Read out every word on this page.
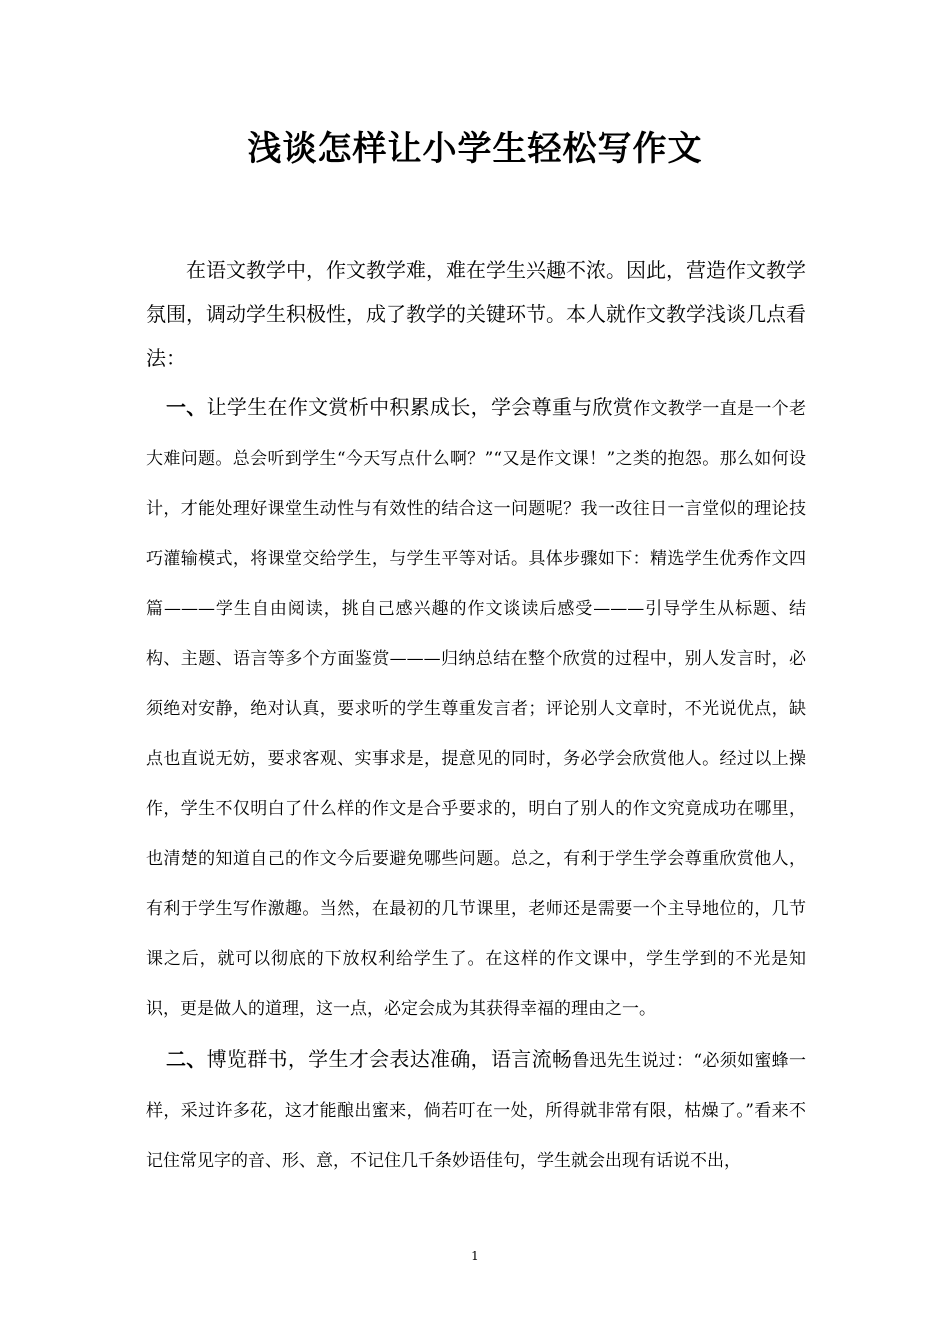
浅谈怎样让小学生轻松写作文

在语文教学中，作文教学难，难在学生兴趣不浓。因此，营造作文教学氛围，调动学生积极性，成了教学的关键环节。本人就作文教学浅谈几点看法：

一、让学生在作文赏析中积累成长，学会尊重与欣赏作文教学一直是一个老大难问题。总会听到学生“今天写点什么啊？”“又是作文课！”之类的抱怨。那么如何设计，才能处理好课堂生动性与有效性的结合这一问题呢？我一改往日一言堂似的理论技巧灌输模式，将课堂交给学生，与学生平等对话。具体步骤如下：精选学生优秀作文四篇———学生自由阅读，挑自己感兴趣的作文谈读后感受———引导学生从标题、结构、主题、语言等多个方面鉴赏———归纳总结在整个欣赏的过程中，别人发言时，必须绝对安静，绝对认真，要求听的学生尊重发言者；评论别人文章时，不光说优点，缺点也直说无妨，要求客观、实事求是，提意见的同时，务必学会欣赏他人。经过以上操作，学生不仅明白了什么样的作文是合乎要求的，明白了别人的作文究竟成功在哪里，也清楚的知道自己的作文今后要避免哪些问题。总之，有利于学生学会尊重欣赏他人，有利于学生写作激趣。当然，在最初的几节课里，老师还是需要一个主导地位的，几节课之后，就可以彻底的下放权利给学生了。在这样的作文课中，学生学到的不光是知识，更是做人的道理，这一点，必定会成为其获得幸福的理由之一。

二、博览群书，学生才会表达准确，语言流畅鲁迅先生说过：“必须如蜜蜂一样，采过许多花，这才能酿出蜜来，倘若叮在一处，所得就非常有限，枯燥了。”看来不记住常见字的音、形、意，不记住几千条妙语佳句，学生就会出现有话说不出，

1
